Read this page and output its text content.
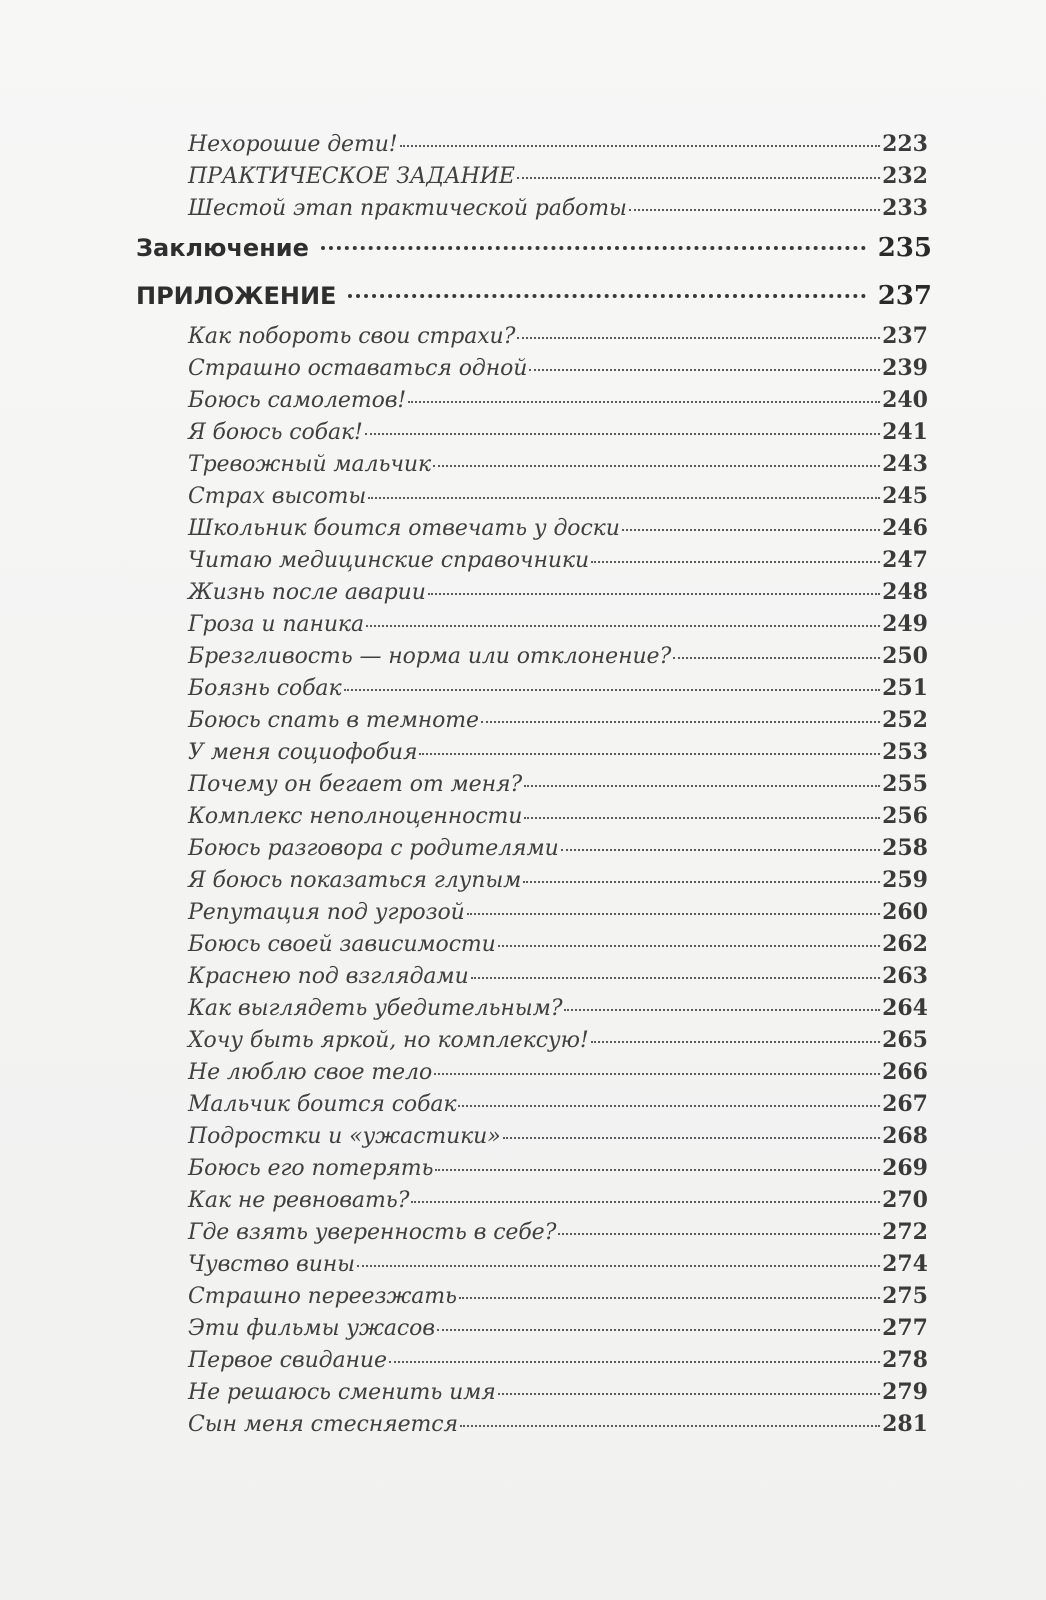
Нехорошие дети!	223
ПРАКТИЧЕСКОЕ ЗАДАНИЕ	232
Шестой этап практической работы	233
Заключение	235
ПРИЛОЖЕНИЕ	237
Как побороть свои страхи?	237
Страшно оставаться одной	239
Боюсь самолетов!	240
Я боюсь собак!	241
Тревожный мальчик	243
Страх высоты	245
Школьник боится отвечать у доски	246
Читаю медицинские справочники	247
Жизнь после аварии	248
Гроза и паника	249
Брезгливость — норма или отклонение?	250
Боязнь собак	251
Боюсь спать в темноте	252
У меня социофобия	253
Почему он бегает от меня?	255
Комплекс неполноценности	256
Боюсь разговора с родителями	258
Я боюсь показаться глупым	259
Репутация под угрозой	260
Боюсь своей зависимости	262
Краснею под взглядами	263
Как выглядеть убедительным?	264
Хочу быть яркой, но комплексую!	265
Не люблю свое тело	266
Мальчик боится собак	267
Подростки и «ужастики»	268
Боюсь его потерять	269
Как не ревновать?	270
Где взять уверенность в себе?	272
Чувство вины	274
Страшно переезжать	275
Эти фильмы ужасов	277
Первое свидание	278
Не решаюсь сменить имя	279
Сын меня стесняется	281
